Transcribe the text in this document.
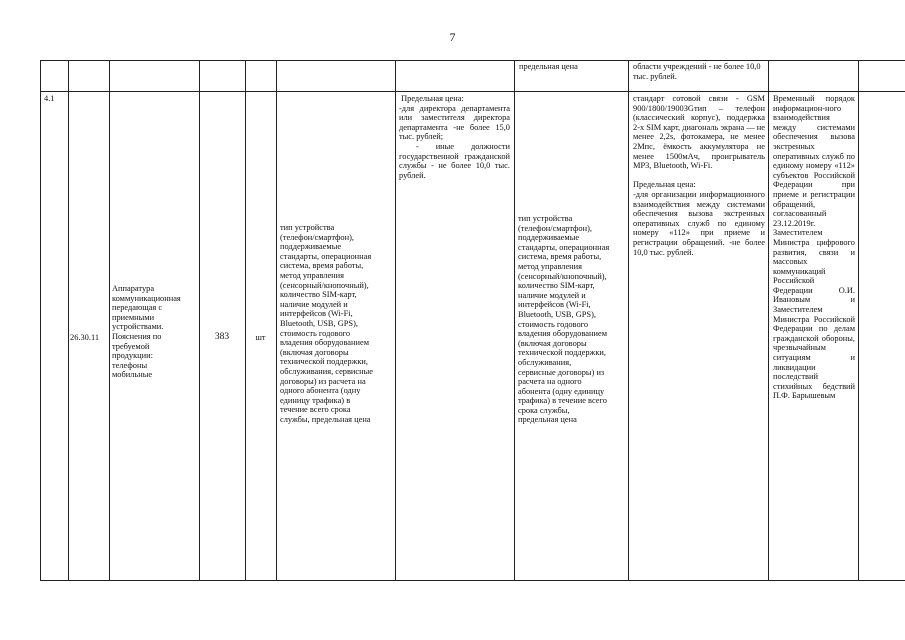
7
предельная цена	области учреждений - не более 10,0 тыс. рублей.
4.1
26.30.11
Аппаратура
коммуникационная
передающая с
приемными
устройствами.
Пояснения по
требуемой
продукции:
телефоны
мобильные
383	шт
тип устройства
(телефон/смартфон),
поддерживаемые
стандарты, операционная
система, время работы,
метод управления
(сенсорный/кнопочный),
количество SIM-карт,
наличие модулей и
интерфейсов (Wi-Fi,
Bluetooth, USB, GPS),
стоимость годового
владения оборудованием
(включая договоры
технической поддержки,
обслуживания, сервисные
договоры) из расчета на
одного абонента (одну
единицу трафика) в
течение всего срока
службы, предельная цена
Предельная цена:
-для директора департамента или заместителя директора департамента -не более 15,0 тыс. рублей;
- иные должности государственной гражданской службы - не более 10,0 тыс. рублей.
тип устройства
(телефон/смартфон),
поддерживаемые
стандарты, операционная
система, время работы,
метод управления
(сенсорный/кнопочный),
количество SIM-карт,
наличие модулей и
интерфейсов (Wi-Fi,
Bluetooth, USB, GPS),
стоимость годового
владения оборудованием
(включая договоры
технической поддержки,
обслуживания,
сервисные договоры) из
расчета на одного
абонента (одну единицу
трафика) в течение всего
срока службы,
предельная цена
стандарт сотовой связи - GSM 900/1800/1900ЗGтип – телефон (классический корпус), поддержка 2-х SIM карт, диагональ экрана — не менее 2,2s, фотокамера, не менее 2Мпс, ёмкость аккумулятора не менее 1500мАч, проигрыватель MP3, Bluetooth, Wi-Fi.

Предельная цена:
-для организации информационного взаимодействия между системами обеспечения вызова экстренных оперативных служб по единому номеру «112» при приеме и регистрации обращений. -не более 10,0 тыс. рублей.
Временный порядок информацион-ного взаимодействия между системами обеспечения вызова экстренных оперативных служб по единому номеру «112» субъектов Российской Федерации при приеме и регистрации обращений, согласованный 23.12.2019г. Заместителем Министра цифрового развития, связи и массовых коммуникаций Российской Федерации О.И. Ивановым и Заместителем Министра Российской Федерации по делам гражданской обороны, чрезвычайным ситуациям и ликвидации последствий стихийных бедствий П.Ф. Барышевым
